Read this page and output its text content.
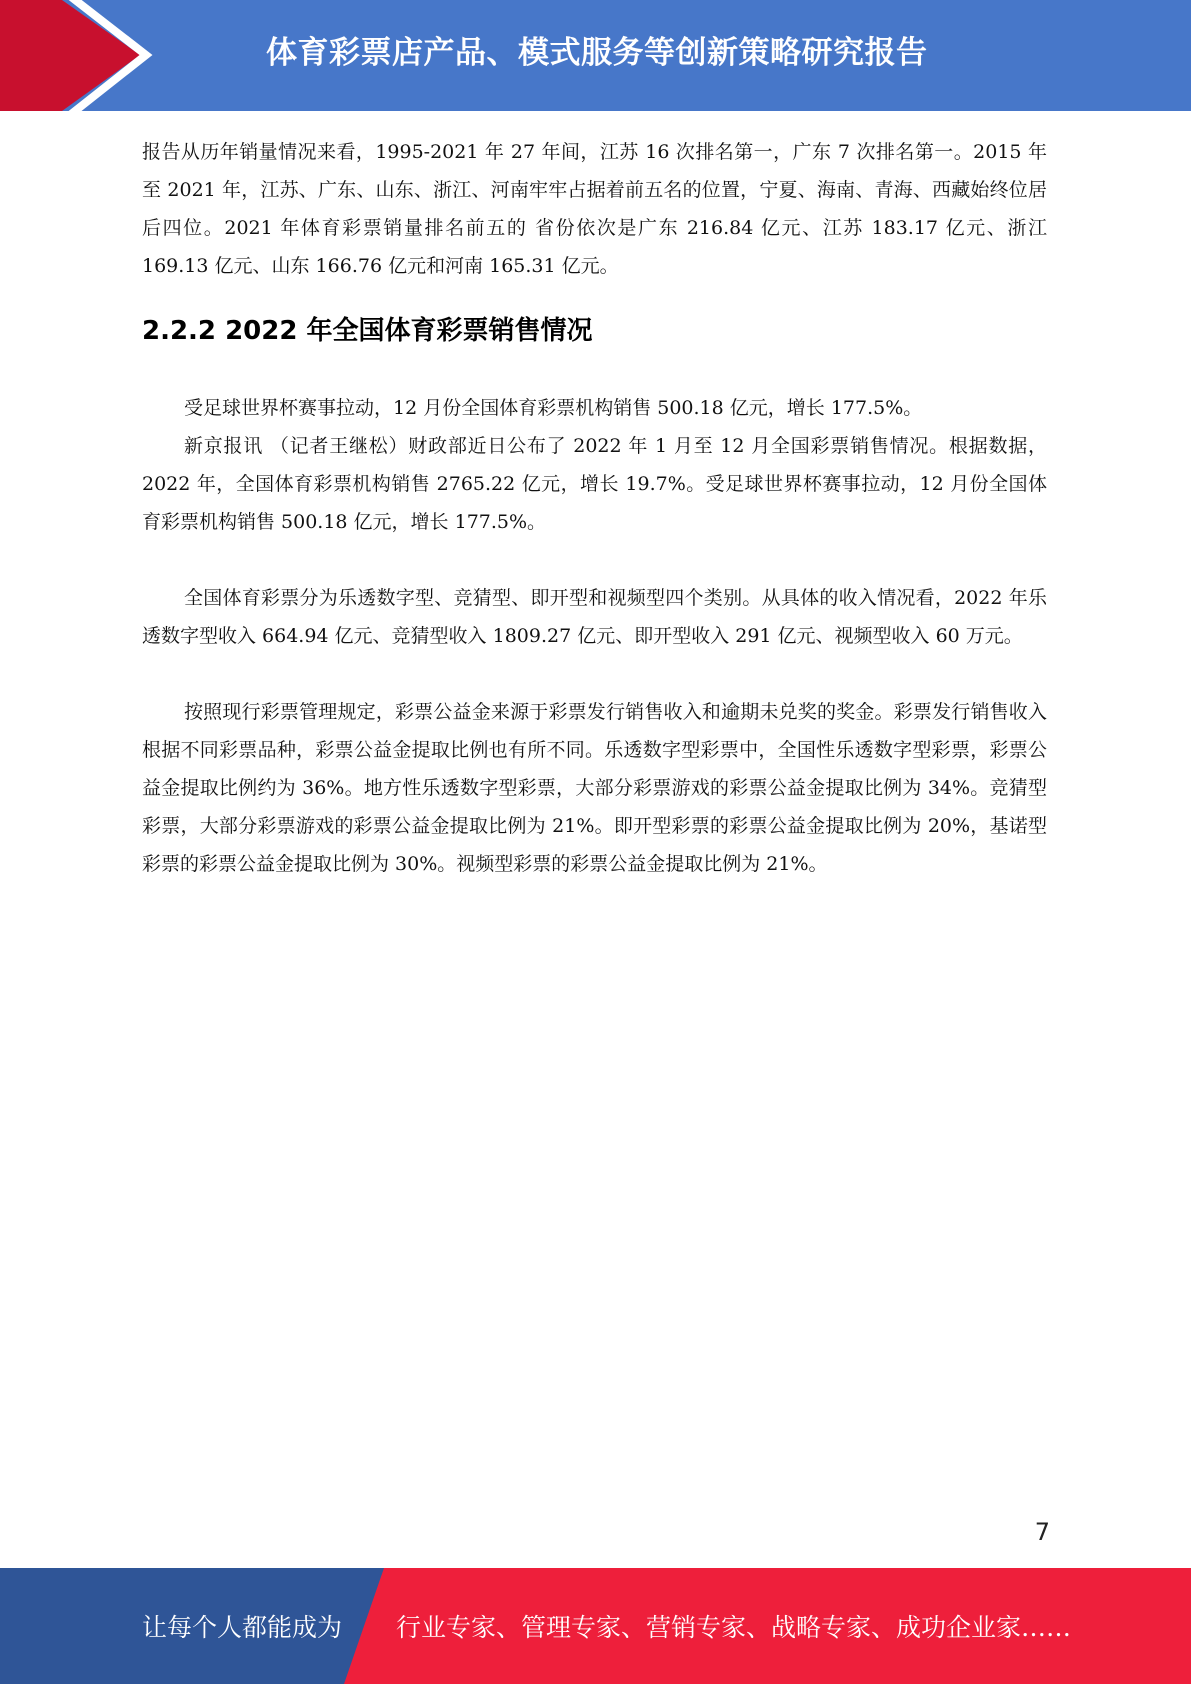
体育彩票店产品、模式服务等创新策略研究报告

报告从历年销量情况来看，1995-2021 年 27 年间，江苏 16 次排名第一，广东 7 次排名第一。2015 年至 2021 年，江苏、广东、山东、浙江、河南牢牢占据着前五名的位置，宁夏、海南、青海、西藏始终位居后四位。2021 年体育彩票销量排名前五的 省份依次是广东 216.84 亿元、江苏 183.17 亿元、浙江 169.13 亿元、山东 166.76 亿元和河南 165.31 亿元。

2.2.2 2022 年全国体育彩票销售情况

受足球世界杯赛事拉动，12 月份全国体育彩票机构销售 500.18 亿元，增长 177.5%。

新京报讯 （记者王继松）财政部近日公布了 2022 年 1 月至 12 月全国彩票销售情况。根据数据，2022 年，全国体育彩票机构销售 2765.22 亿元，增长 19.7%。受足球世界杯赛事拉动，12 月份全国体育彩票机构销售 500.18 亿元，增长 177.5%。

全国体育彩票分为乐透数字型、竞猜型、即开型和视频型四个类别。从具体的收入情况看，2022 年乐透数字型收入 664.94 亿元、竞猜型收入 1809.27 亿元、即开型收入 291 亿元、视频型收入 60 万元。

按照现行彩票管理规定，彩票公益金来源于彩票发行销售收入和逾期未兑奖的奖金。彩票发行销售收入根据不同彩票品种，彩票公益金提取比例也有所不同。乐透数字型彩票中，全国性乐透数字型彩票，彩票公益金提取比例约为 36%。地方性乐透数字型彩票，大部分彩票游戏的彩票公益金提取比例为 34%。竞猜型彩票，大部分彩票游戏的彩票公益金提取比例为 21%。即开型彩票的彩票公益金提取比例为 20%，基诺型彩票的彩票公益金提取比例为 30%。视频型彩票的彩票公益金提取比例为 21%。

7
让每个人都能成为 行业专家、管理专家、营销专家、战略专家、成功企业家……
